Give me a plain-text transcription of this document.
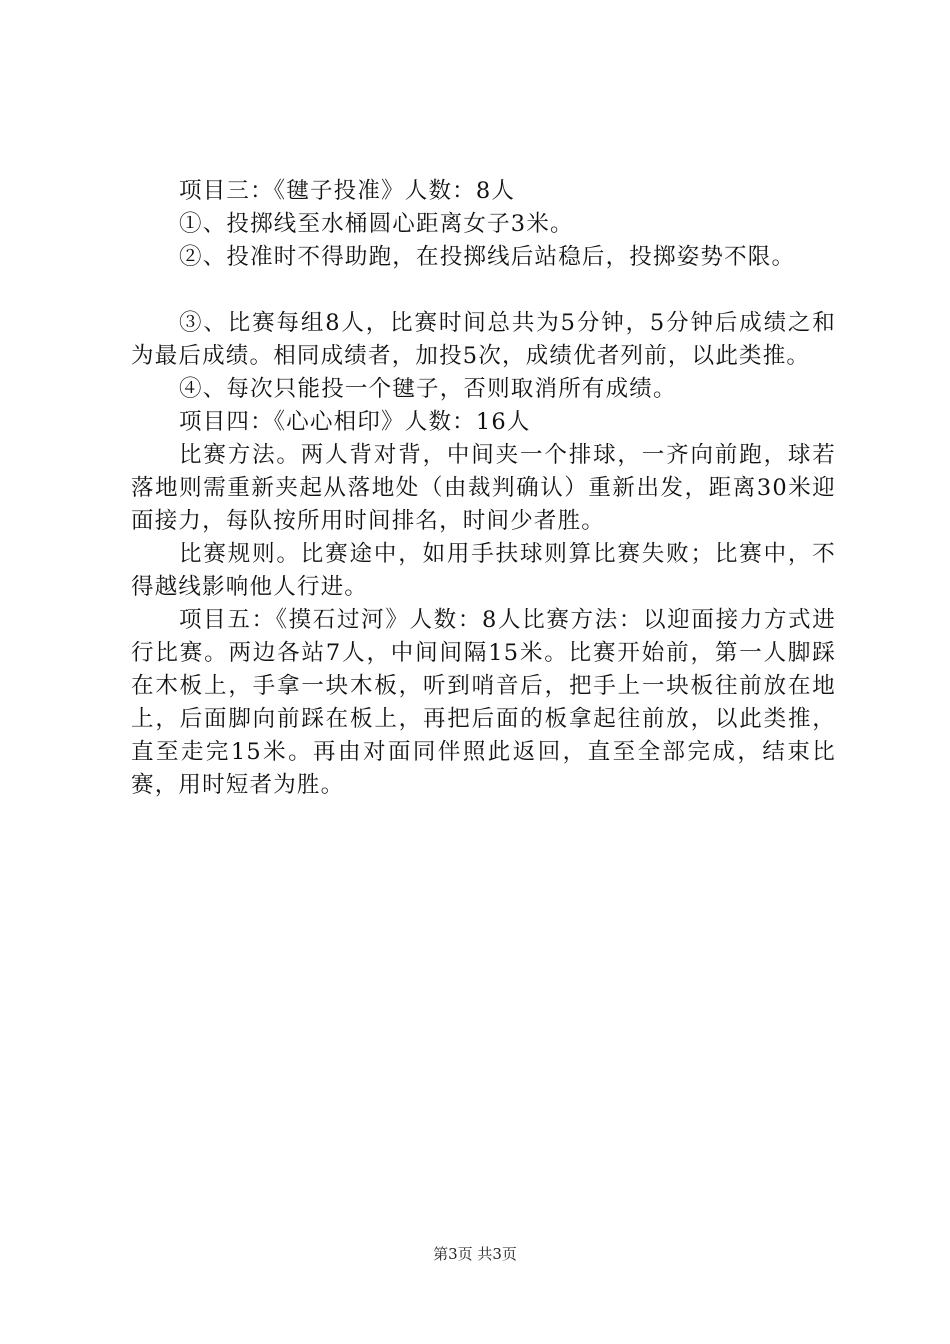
项目三：《毽子投准》人数：8人

①、投掷线至水桶圆心距离女子3米。

②、投准时不得助跑，在投掷线后站稳后，投掷姿势不限。

③、比赛每组8人，比赛时间总共为5分钟，5分钟后成绩之和为最后成绩。相同成绩者，加投5次，成绩优者列前，以此类推。

④、每次只能投一个毽子，否则取消所有成绩。

项目四：《心心相印》人数：16人

比赛方法。两人背对背，中间夹一个排球，一齐向前跑，球若落地则需重新夹起从落地处（由裁判确认）重新出发，距离30米迎面接力，每队按所用时间排名，时间少者胜。

比赛规则。比赛途中，如用手扶球则算比赛失败；比赛中，不得越线影响他人行进。

项目五：《摸石过河》人数：8人比赛方法：以迎面接力方式进行比赛。两边各站7人，中间间隔15米。比赛开始前，第一人脚踩在木板上，手拿一块木板，听到哨音后，把手上一块板往前放在地上，后面脚向前踩在板上，再把后面的板拿起往前放，以此类推，直至走完15米。再由对面同伴照此返回，直至全部完成，结束比赛，用时短者为胜。

第3页 共3页
